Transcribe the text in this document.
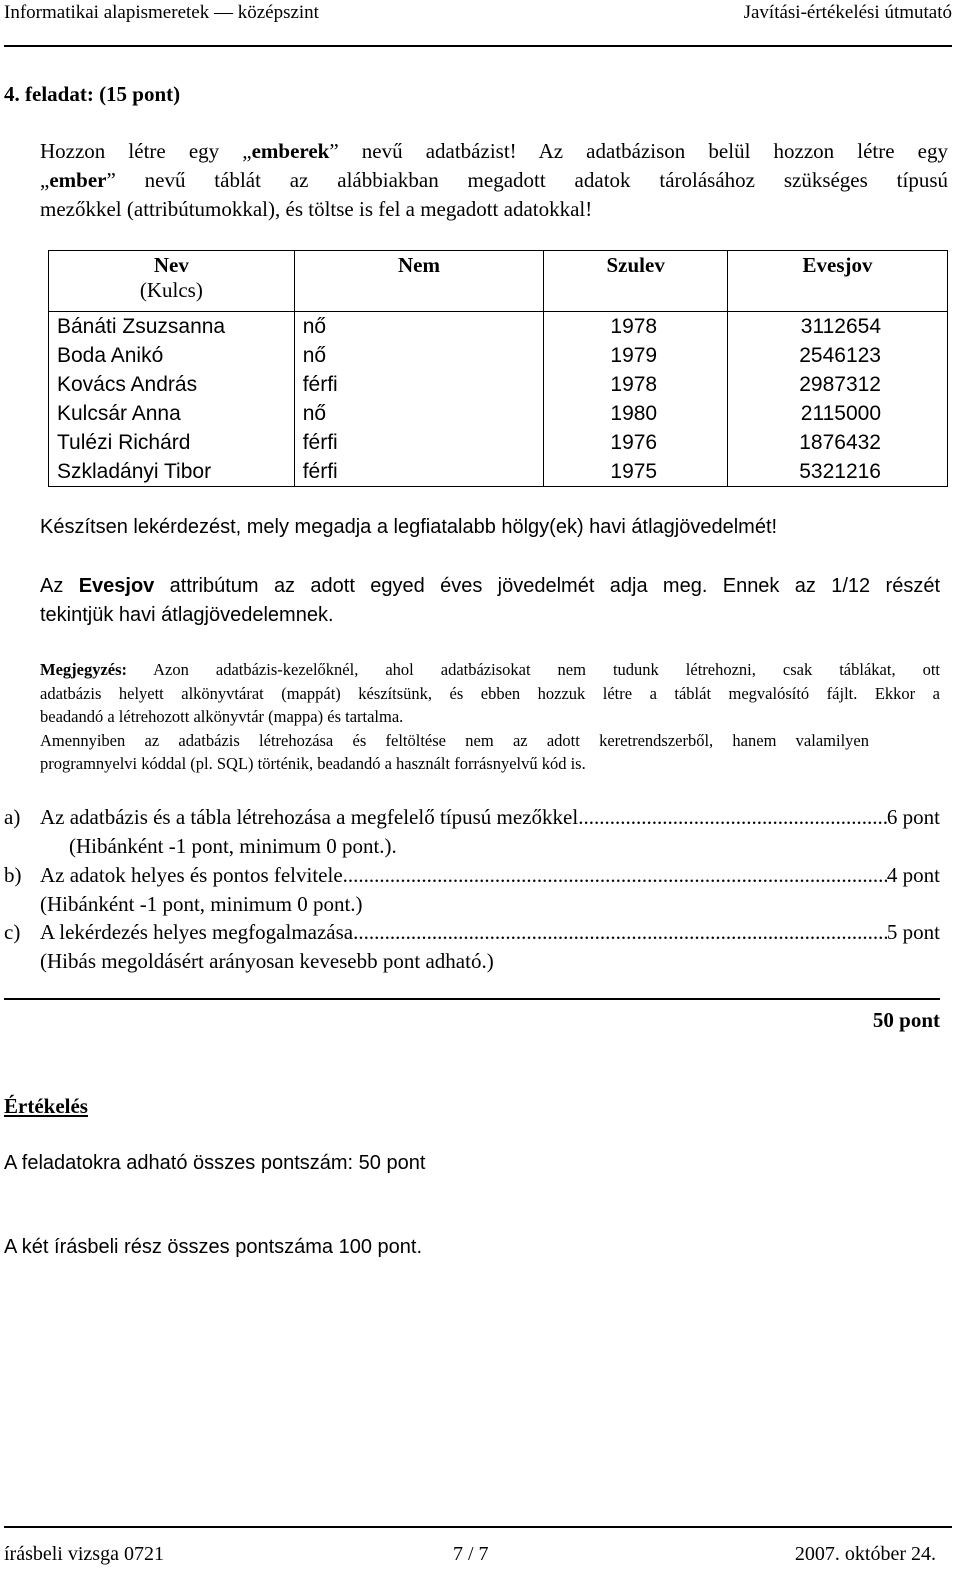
Informatikai alapismeretek — középszint	Javítási-értékelési útmutató
4. feladat: (15 pont)
Hozzon létre egy „emberek” nevű adatbázist! Az adatbázison belül hozzon létre egy
„ember” nevű táblát az alábbiakban megadott adatok tárolásához szükséges típusú
mezőkkel (attribútumokkal), és töltse is fel a megadott adatokkal!
Nev
(Kulcs)	Nem	Szulev	Evesjov
Bánáti Zsuzsanna	nő	1978	3112654
Boda Anikó	nő	1979	2546123
Kovács András	férfi	1978	2987312
Kulcsár Anna	nő	1980	2115000
Tulézi Richárd	férfi	1976	1876432
Szkladányi Tibor	férfi	1975	5321216
Készítsen lekérdezést, mely megadja a legfiatalabb hölgy(ek) havi átlagjövedelmét!
Az Evesjov attribútum az adott egyed éves jövedelmét adja meg. Ennek az 1/12 részét
tekintjük havi átlagjövedelemnek.
Megjegyzés: Azon adatbázis-kezelőknél, ahol adatbázisokat nem tudunk létrehozni, csak táblákat, ott
adatbázis helyett alkönyvtárat (mappát) készítsünk, és ebben hozzuk létre a táblát megvalósító fájlt. Ekkor a
beadandó a létrehozott alkönyvtár (mappa) és tartalma.
Amennyiben az adatbázis létrehozása és feltöltése nem az adott keretrendszerből, hanem valamilyen
programnyelvi kóddal (pl. SQL) történik, beadandó a használt forrásnyelvű kód is.
a) Az adatbázis és a tábla létrehozása a megfelelő típusú mezőkkel .....	6 pont
(Hibánként -1 pont, minimum 0 pont.).
b) Az adatok helyes és pontos felvitele .....	4 pont
(Hibánként -1 pont, minimum 0 pont.)
c) A lekérdezés helyes megfogalmazása .....	5 pont
(Hibás megoldásért arányosan kevesebb pont adható.)
50 pont
Értékelés
A feladatokra adható összes pontszám: 50 pont
A két írásbeli rész összes pontszáma 100 pont.
írásbeli vizsga 0721	7 / 7	2007. október 24.
